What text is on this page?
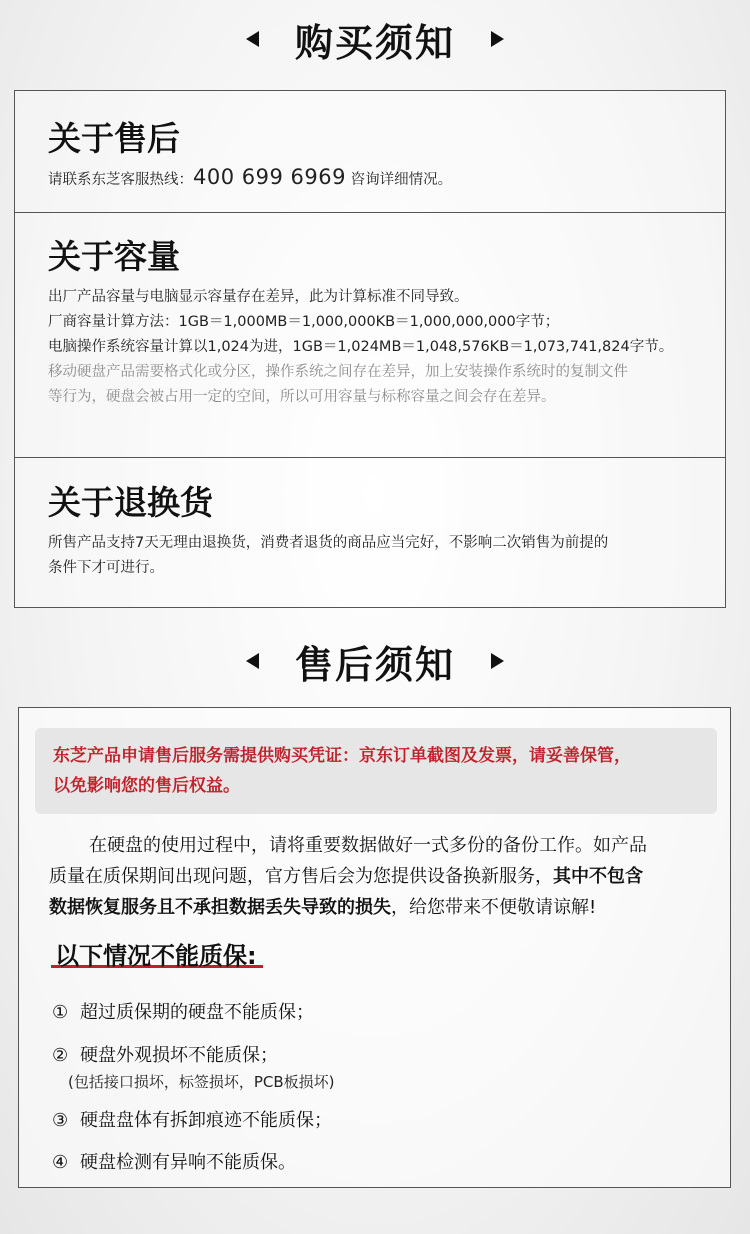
购买须知
关于售后
请联系东芝客服热线：400 699 6969 咨询详细情况。
关于容量
出厂产品容量与电脑显示容量存在差异，此为计算标准不同导致。
厂商容量计算方法：1GB＝1,000MB＝1,000,000KB＝1,000,000,000字节；
电脑操作系统容量计算以1,024为进，1GB＝1,024MB＝1,048,576KB＝1,073,741,824字节。
移动硬盘产品需要格式化或分区，操作系统之间存在差异，加上安装操作系统时的复制文件
等行为，硬盘会被占用一定的空间，所以可用容量与标称容量之间会存在差异。
关于退换货
所售产品支持7天无理由退换货，消费者退货的商品应当完好，不影响二次销售为前提的
条件下才可进行。
售后须知
东芝产品申请售后服务需提供购买凭证：京东订单截图及发票，请妥善保管，
以免影响您的售后权益。
在硬盘的使用过程中，请将重要数据做好一式多份的备份工作。如产品
质量在质保期间出现问题，官方售后会为您提供设备换新服务，其中不包含
数据恢复服务且不承担数据丢失导致的损失，给您带来不便敬请谅解!
以下情况不能质保:
① 超过质保期的硬盘不能质保；
② 硬盘外观损坏不能质保；
(包括接口损坏，标签损坏，PCB板损坏)
③ 硬盘盘体有拆卸痕迹不能质保；
④ 硬盘检测有异响不能质保。
